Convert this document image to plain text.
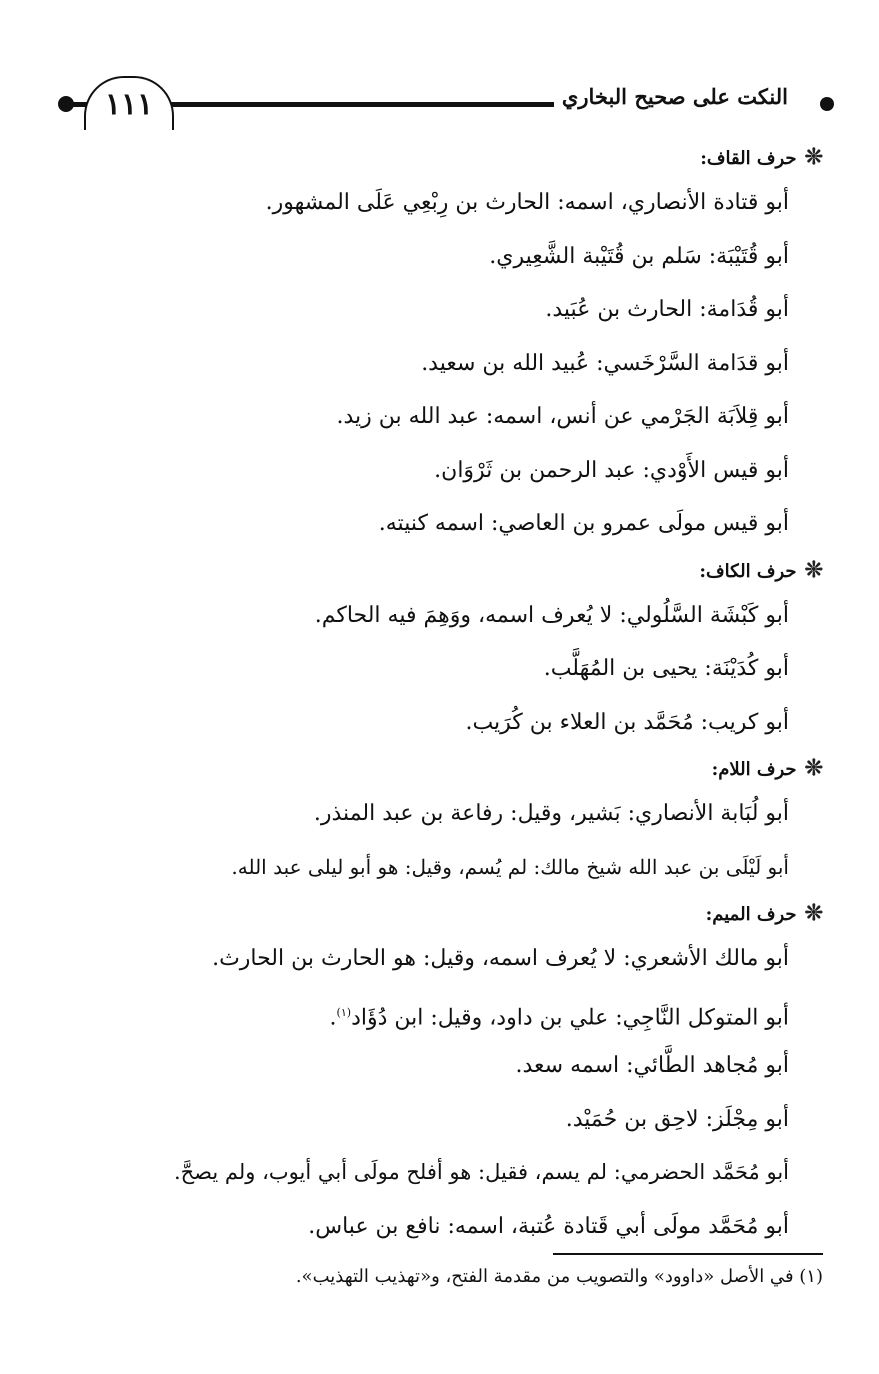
١١١	النكت على صحيح البخاري
❊حرف القاف:
أبو قتادة الأنصاري، اسمه: الحارث بن رِبْعِي عَلَى المشهور.
أبو قُتَيْبَة: سَلم بن قُتَيْبة الشَّعِيري.
أبو قُدَامة: الحارث بن عُبَيد.
أبو قدَامة السَّرْخَسي: عُبيد الله بن سعيد.
أبو قِلاَبَة الجَرْمي عن أنس، اسمه: عبد الله بن زيد.
أبو قيس الأَوْدي: عبد الرحمن بن ثَرْوَان.
أبو قيس مولَى عمرو بن العاصي: اسمه كنيته.
❊حرف الكاف:
أبو كَبْشَة السَّلُولي: لا يُعرف اسمه، ووَهِمَ فيه الحاكم.
أبو كُدَيْنَة: يحيى بن المُهَلَّب.
أبو كريب: مُحَمَّد بن العلاء بن كُرَيب.
❊حرف اللام:
أبو لُبَابة الأنصاري: بَشير، وقيل: رفاعة بن عبد المنذر.
أبو لَيْلَى بن عبد الله شيخ مالك: لم يُسم، وقيل: هو أبو ليلى عبد الله.
❊حرف الميم:
أبو مالك الأشعري: لا يُعرف اسمه، وقيل: هو الحارث بن الحارث.
أبو المتوكل النَّاجِي: علي بن داود، وقيل: ابن دُؤَاد$^{(١)}$.
أبو مُجاهد الطَّائي: اسمه سعد.
أبو مِجْلَز: لاحِق بن حُمَيْد.
أبو مُحَمَّد الحضرمي: لم يسم، فقيل: هو أفلح مولَى أبي أيوب، ولم يصحَّ.
أبو مُحَمَّد مولَى أبي قَتادة عُتبة، اسمه: نافع بن عباس.
(١) في الأصل «داوود» والتصويب من مقدمة الفتح، و«تهذيب التهذيب».
